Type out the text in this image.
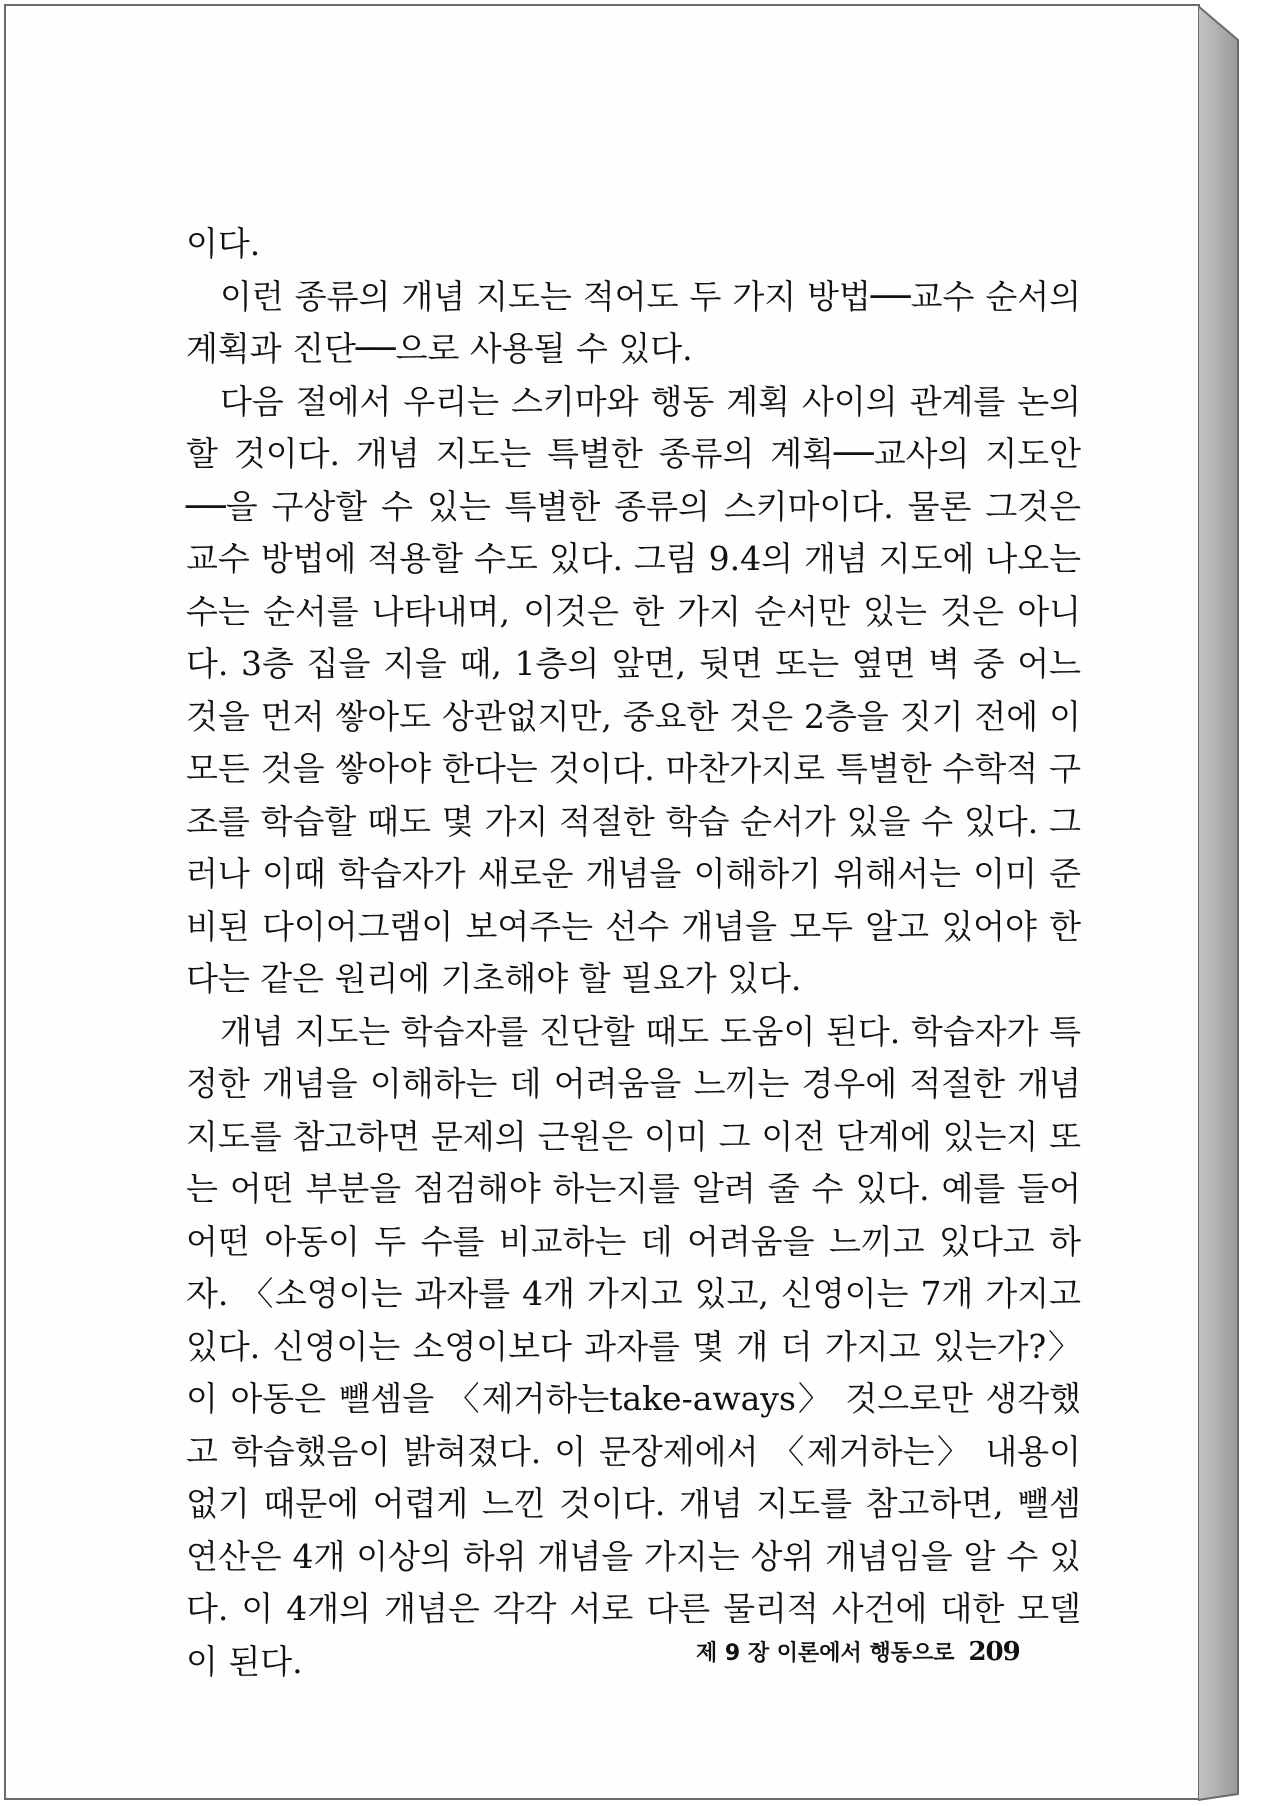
이다.

이런 종류의 개념 지도는 적어도 두 가지 방법──교수 순서의 계획과 진단──으로 사용될 수 있다.

다음 절에서 우리는 스키마와 행동 계획 사이의 관계를 논의할 것이다. 개념 지도는 특별한 종류의 계획──교사의 지도안──을 구상할 수 있는 특별한 종류의 스키마이다. 물론 그것은 교수 방법에 적용할 수도 있다. 그림 9.4의 개념 지도에 나오는 수는 순서를 나타내며, 이것은 한 가지 순서만 있는 것은 아니다. 3층 집을 지을 때, 1층의 앞면, 뒷면 또는 옆면 벽 중 어느 것을 먼저 쌓아도 상관없지만, 중요한 것은 2층을 짓기 전에 이 모든 것을 쌓아야 한다는 것이다. 마찬가지로 특별한 수학적 구조를 학습할 때도 몇 가지 적절한 학습 순서가 있을 수 있다. 그러나 이때 학습자가 새로운 개념을 이해하기 위해서는 이미 준비된 다이어그램이 보여주는 선수 개념을 모두 알고 있어야 한다는 같은 원리에 기초해야 할 필요가 있다.

개념 지도는 학습자를 진단할 때도 도움이 된다. 학습자가 특정한 개념을 이해하는 데 어려움을 느끼는 경우에 적절한 개념 지도를 참고하면 문제의 근원은 이미 그 이전 단계에 있는지 또는 어떤 부분을 점검해야 하는지를 알려 줄 수 있다. 예를 들어 어떤 아동이 두 수를 비교하는 데 어려움을 느끼고 있다고 하자. 〈소영이는 과자를 4개 가지고 있고, 신영이는 7개 가지고 있다. 신영이는 소영이보다 과자를 몇 개 더 가지고 있는가?〉 이 아동은 뺄셈을 〈제거하는take-aways〉 것으로만 생각했고 학습했음이 밝혀졌다. 이 문장제에서 〈제거하는〉 내용이 없기 때문에 어렵게 느낀 것이다. 개념 지도를 참고하면, 뺄셈 연산은 4개 이상의 하위 개념을 가지는 상위 개념임을 알 수 있다. 이 4개의 개념은 각각 서로 다른 물리적 사건에 대한 모델이 된다.	제 9 장 이론에서 행동으로 209
